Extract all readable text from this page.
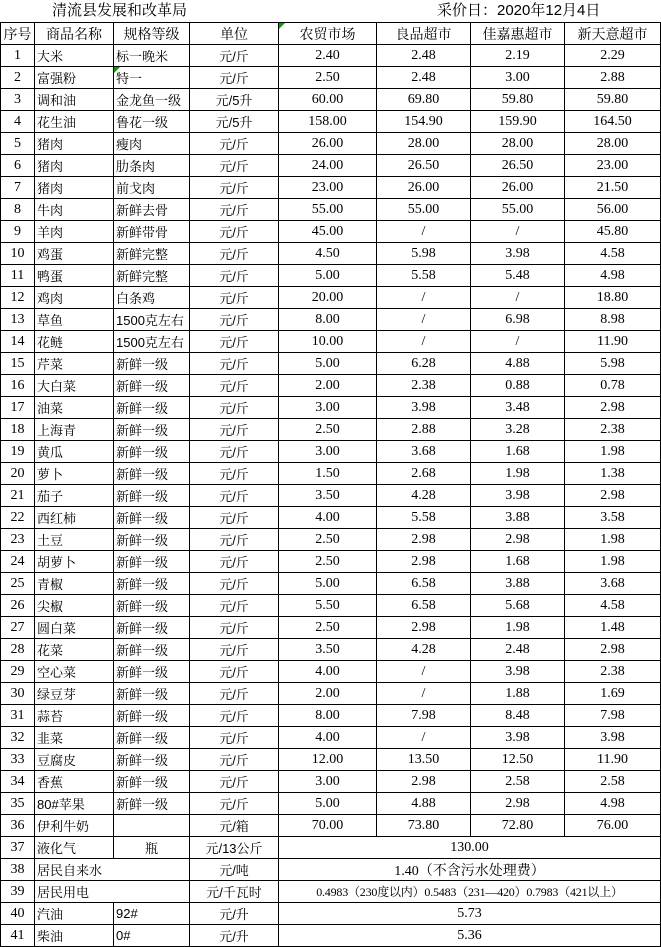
清流县发展和改革局	采价日：2020年12月4日
序号	商品名称	规格等级	单位	农贸市场	良品超市	佳嘉惠超市	新天意超市
1	大米	标一晚米	元/斤	2.40	2.48	2.19	2.29
2	富强粉	特一	元/斤	2.50	2.48	3.00	2.88
3	调和油	金龙鱼一级	元/5升	60.00	69.80	59.80	59.80
4	花生油	鲁花一级	元/5升	158.00	154.90	159.90	164.50
5	猪肉	瘦肉	元/斤	26.00	28.00	28.00	28.00
6	猪肉	肋条肉	元/斤	24.00	26.50	26.50	23.00
7	猪肉	前戈肉	元/斤	23.00	26.00	26.00	21.50
8	牛肉	新鲜去骨	元/斤	55.00	55.00	55.00	56.00
9	羊肉	新鲜带骨	元/斤	45.00	/	/	45.80
10	鸡蛋	新鲜完整	元/斤	4.50	5.98	3.98	4.58
11	鸭蛋	新鲜完整	元/斤	5.00	5.58	5.48	4.98
12	鸡肉	白条鸡	元/斤	20.00	/	/	18.80
13	草鱼	1500克左右	元/斤	8.00	/	6.98	8.98
14	花鲢	1500克左右	元/斤	10.00	/	/	11.90
15	芹菜	新鲜一级	元/斤	5.00	6.28	4.88	5.98
16	大白菜	新鲜一级	元/斤	2.00	2.38	0.88	0.78
17	油菜	新鲜一级	元/斤	3.00	3.98	3.48	2.98
18	上海青	新鲜一级	元/斤	2.50	2.88	3.28	2.38
19	黄瓜	新鲜一级	元/斤	3.00	3.68	1.68	1.98
20	萝卜	新鲜一级	元/斤	1.50	2.68	1.98	1.38
21	茄子	新鲜一级	元/斤	3.50	4.28	3.98	2.98
22	西红柿	新鲜一级	元/斤	4.00	5.58	3.88	3.58
23	土豆	新鲜一级	元/斤	2.50	2.98	2.98	1.98
24	胡萝卜	新鲜一级	元/斤	2.50	2.98	1.68	1.98
25	青椒	新鲜一级	元/斤	5.00	6.58	3.88	3.68
26	尖椒	新鲜一级	元/斤	5.50	6.58	5.68	4.58
27	圆白菜	新鲜一级	元/斤	2.50	2.98	1.98	1.48
28	花菜	新鲜一级	元/斤	3.50	4.28	2.48	2.98
29	空心菜	新鲜一级	元/斤	4.00	/	3.98	2.38
30	绿豆芽	新鲜一级	元/斤	2.00	/	1.88	1.69
31	蒜苔	新鲜一级	元/斤	8.00	7.98	8.48	7.98
32	韭菜	新鲜一级	元/斤	4.00	/	3.98	3.98
33	豆腐皮	新鲜一级	元/斤	12.00	13.50	12.50	11.90
34	香蕉	新鲜一级	元/斤	3.00	2.98	2.58	2.58
35	80#苹果	新鲜一级	元/斤	5.00	4.88	2.98	4.98
36	伊利牛奶		元/箱	70.00	73.80	72.80	76.00
37	液化气	瓶	元/13公斤	130.00			
38	居民自来水		元/吨	1.40（不含污水处理费）			
39	居民用电		元/千瓦时	0.4983（230度以内）0.5483（231—420）0.7983（421以上）			
40	汽油	92#	元/升	5.73			
41	柴油	0#	元/升	5.36			
